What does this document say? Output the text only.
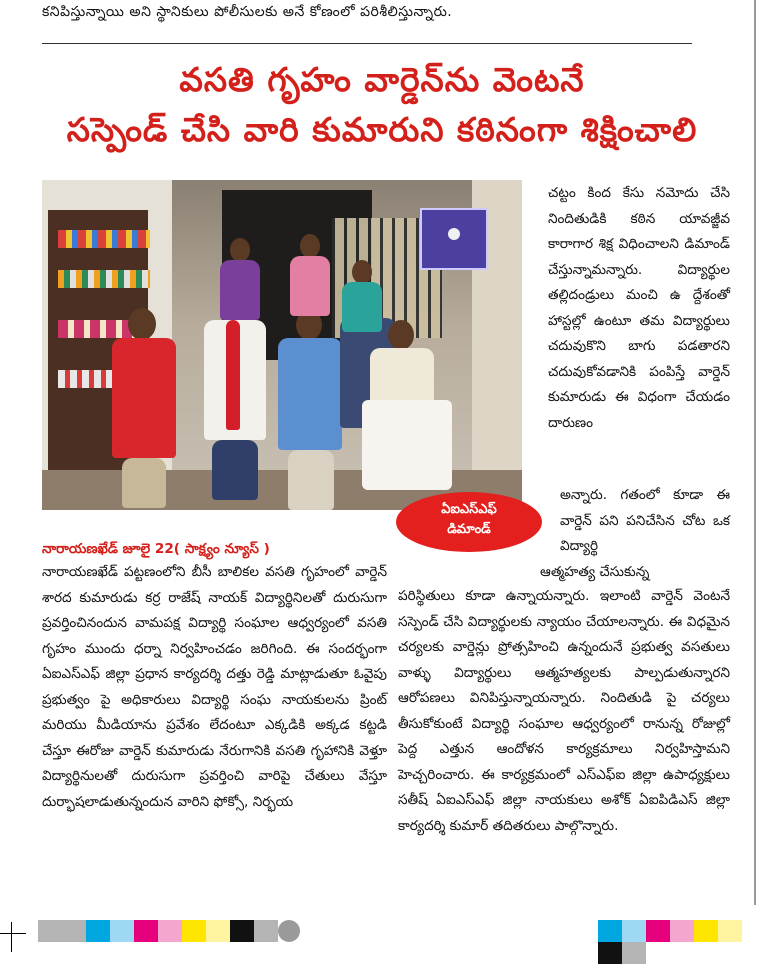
కనిపిస్తున్నాయి అని స్థానికులు పోలీసులకు అనే కోణంలో పరిశీలిస్తున్నారు.
వసతి గృహం వార్డెన్‌ను వెంటనే
సస్పెండ్ చేసి వారి కుమారుని కఠినంగా శిక్షించాలి
ఏఐఎస్ఎఫ్
డిమాండ్

చట్టం కింద కేసు నమోదు చేసి నిందితుడికి కఠిన యావజ్జీవ కారాగార శిక్ష విధించాలని డిమాండ్ చేస్తున్నామన్నారు. విద్యార్థుల తల్లిదండ్రులు మంచి ఉ ద్దేశంతో హాస్టల్లో ఉంటూ తమ విద్యార్థులు చదువుకొని బాగు పడతారని చదువుకోవడానికి పంపిస్తే వార్డెన్ కుమారుడు ఈ విధంగా చేయడం దారుణం

అన్నారు. గతంలో కూడా ఈ వార్డెన్ పని పనిచేసిన చోట ఒక విద్యార్థి

ఆత్మహత్య చేసుకున్న

నారాయణఖేడ్ జూలై 22( సాక్ష్యం న్యూస్ )

నారాయణఖేడ్ పట్టణంలోని బీసీ బాలికల వసతి గృహంలో వార్డెన్ శారద కుమారుడు కర్ర రాజేష్ నాయక్ విద్యార్థినిలతో దురుసుగా ప్రవర్తించినందున వామపక్ష విద్యార్థి సంఘాల ఆధ్వర్యంలో వసతి గృహం ముందు ధర్నా నిర్వహించడం జరిగింది. ఈ సందర్భంగా ఏఐఎస్ఎఫ్ జిల్లా ప్రధాన కార్యదర్శి దత్తు రెడ్డి మాట్లాడుతూ ఓవైపు ప్రభుత్వం పై అధికారులు విద్యార్థి సంఘ నాయకులను ప్రింట్ మరియు మీడియాను ప్రవేశం లేదంటూ ఎక్కడికి అక్కడ కట్టడి చేస్తూ ఈరోజు వార్డెన్ కుమారుడు నేరుగానికి వసతి గృహానికి వెళ్తూ విద్యార్థినులతో దురుసుగా ప్రవర్తించి వారిపై చేతులు వేస్తూ దుర్భాషలాడుతున్నందున వారిని ఫోక్సో, నిర్భయ

పరిస్థితులు కూడా ఉన్నాయన్నారు. ఇలాంటి వార్డెన్ వెంటనే సస్పెండ్ చేసి విద్యార్థులకు న్యాయం చేయాలన్నారు. ఈ విధమైన చర్యలకు వార్డెన్లు ప్రోత్సహించి ఉన్నందునే ప్రభుత్వ వసతులు వాళ్ళు విద్యార్థులు ఆత్మహత్యలకు పాల్పడుతున్నారని ఆరోపణలు వినిపిస్తున్నాయన్నారు. నిందితుడి పై చర్యలు తీసుకోకుంటే విద్యార్థి సంఘాల ఆధ్వర్యంలో రానున్న రోజుల్లో పెద్ద ఎత్తున ఆందోళన కార్యక్రమాలు నిర్వహిస్తామని హెచ్చరించారు. ఈ కార్యక్రమంలో ఎస్ఎఫ్ఐ జిల్లా ఉపాధ్యక్షులు సతీష్ ఏఐఎస్ఎఫ్ జిల్లా నాయకులు అశోక్ ఏఐపిడిఎస్ జిల్లా కార్యదర్శి కుమార్ తదితరులు పాల్గొన్నారు.
